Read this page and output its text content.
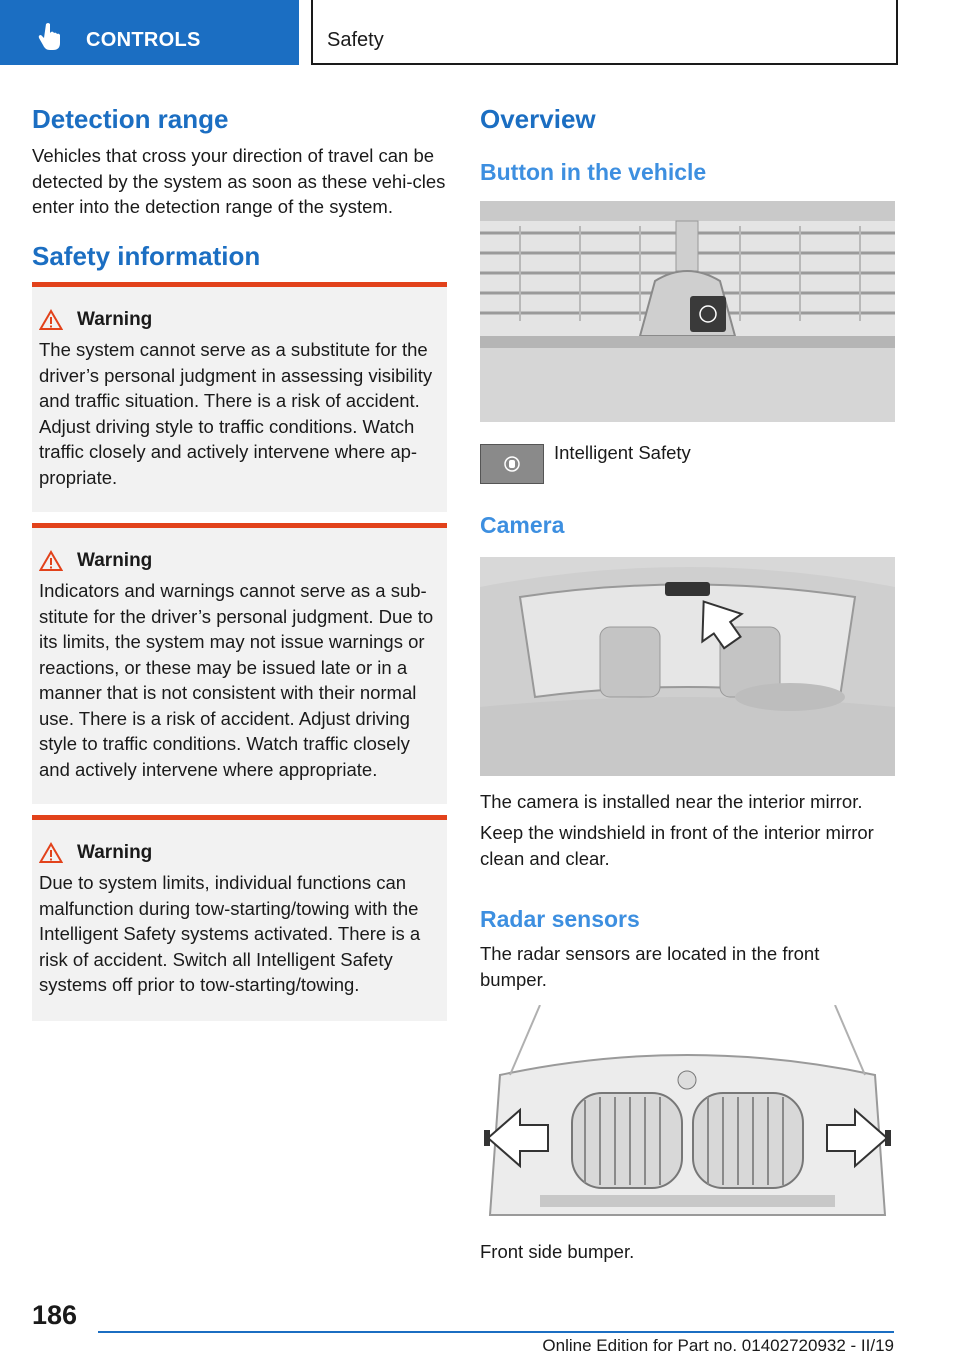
CONTROLS	Safety
Detection range

Vehicles that cross your direction of travel can be detected by the system as soon as these vehi-cles enter into the detection range of the system.

Safety information
Warning

The system cannot serve as a substitute for the driver’s personal judgment in assessing visibility and traffic situation. There is a risk of accident. Adjust driving style to traffic conditions. Watch traffic closely and actively intervene where ap-propriate.

Warning

Indicators and warnings cannot serve as a sub-stitute for the driver’s personal judgment. Due to its limits, the system may not issue warnings or reactions, or these may be issued late or in a manner that is not consistent with their normal use. There is a risk of accident. Adjust driving style to traffic conditions. Watch traffic closely and actively intervene where appropriate.

Warning

Due to system limits, individual functions can malfunction during tow-starting/towing with the Intelligent Safety systems activated. There is a risk of accident. Switch all Intelligent Safety systems off prior to tow-starting/towing.

Overview
Button in the vehicle

Intelligent Safety

Camera

The camera is installed near the interior mirror.

Keep the windshield in front of the interior mirror clean and clear.

Radar sensors

The radar sensors are located in the front bumper.

Front side bumper.

186
Online Edition for Part no. 01402720932 - II/19
